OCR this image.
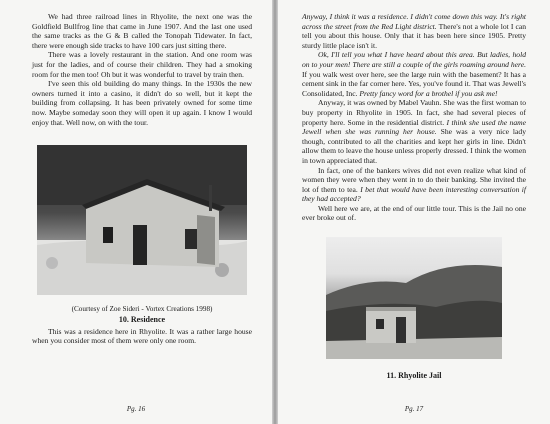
We had three railroad lines in Rhyolite, the next one was the Goldfield Bullfrog line that came in June 1907. And the last one used the same tracks as the G & B called the Tonopah Tidewater. In fact, there were enough side tracks to have 100 cars just sitting there.

There was a lovely restaurant in the station. And one room was just for the ladies, and of course their children. They had a smoking room for the men too! Oh but it was wonderful to travel by train then.

I've seen this old building do many things. In the 1930s the new owners turned it into a casino, it didn't do so well, but it kept the building from collapsing. It has been privately owned for some time now. Maybe someday soon they will open it up again. I know I would enjoy that. Well now, on with the tour.

(Courtesy of Zoe Sideri - Vortex Creations 1998)
10. Residence

This was a residence here in Rhyolite. It was a rather large house when you consider most of them were only one room.

Pg. 16

Anyway, I think it was a residence. I didn't come down this way. It's right across the street from the Red Light district. There's not a whole lot I can tell you about this house. Only that it has been here since 1905. Pretty sturdy little place isn't it.

Ok, I'll tell you what I have heard about this area. But ladies, hold on to your men! There are still a couple of the girls roaming around here. If you walk west over here, see the large ruin with the basement? It has a cement sink in the far corner here. Yes, you've found it. That was Jewell's Consolidated, Inc. Pretty fancy word for a brothel if you ask me!

Anyway, it was owned by Mabel Vauhn. She was the first woman to buy property in Rhyolite in 1905. In fact, she had several pieces of property here. Some in the residential district. I think she used the name Jewell when she was running her house. She was a very nice lady though, contributed to all the charities and kept her girls in line. Didn't allow them to leave the house unless properly dressed. I think the women in town appreciated that.

In fact, one of the bankers wives did not even realize what kind of women they were when they went in to do their banking. She invited the lot of them to tea. I bet that would have been interesting conversation if they had accepted?

Well here we are, at the end of our little tour. This is the Jail no one ever broke out of.

11. Rhyolite Jail
Pg. 17
